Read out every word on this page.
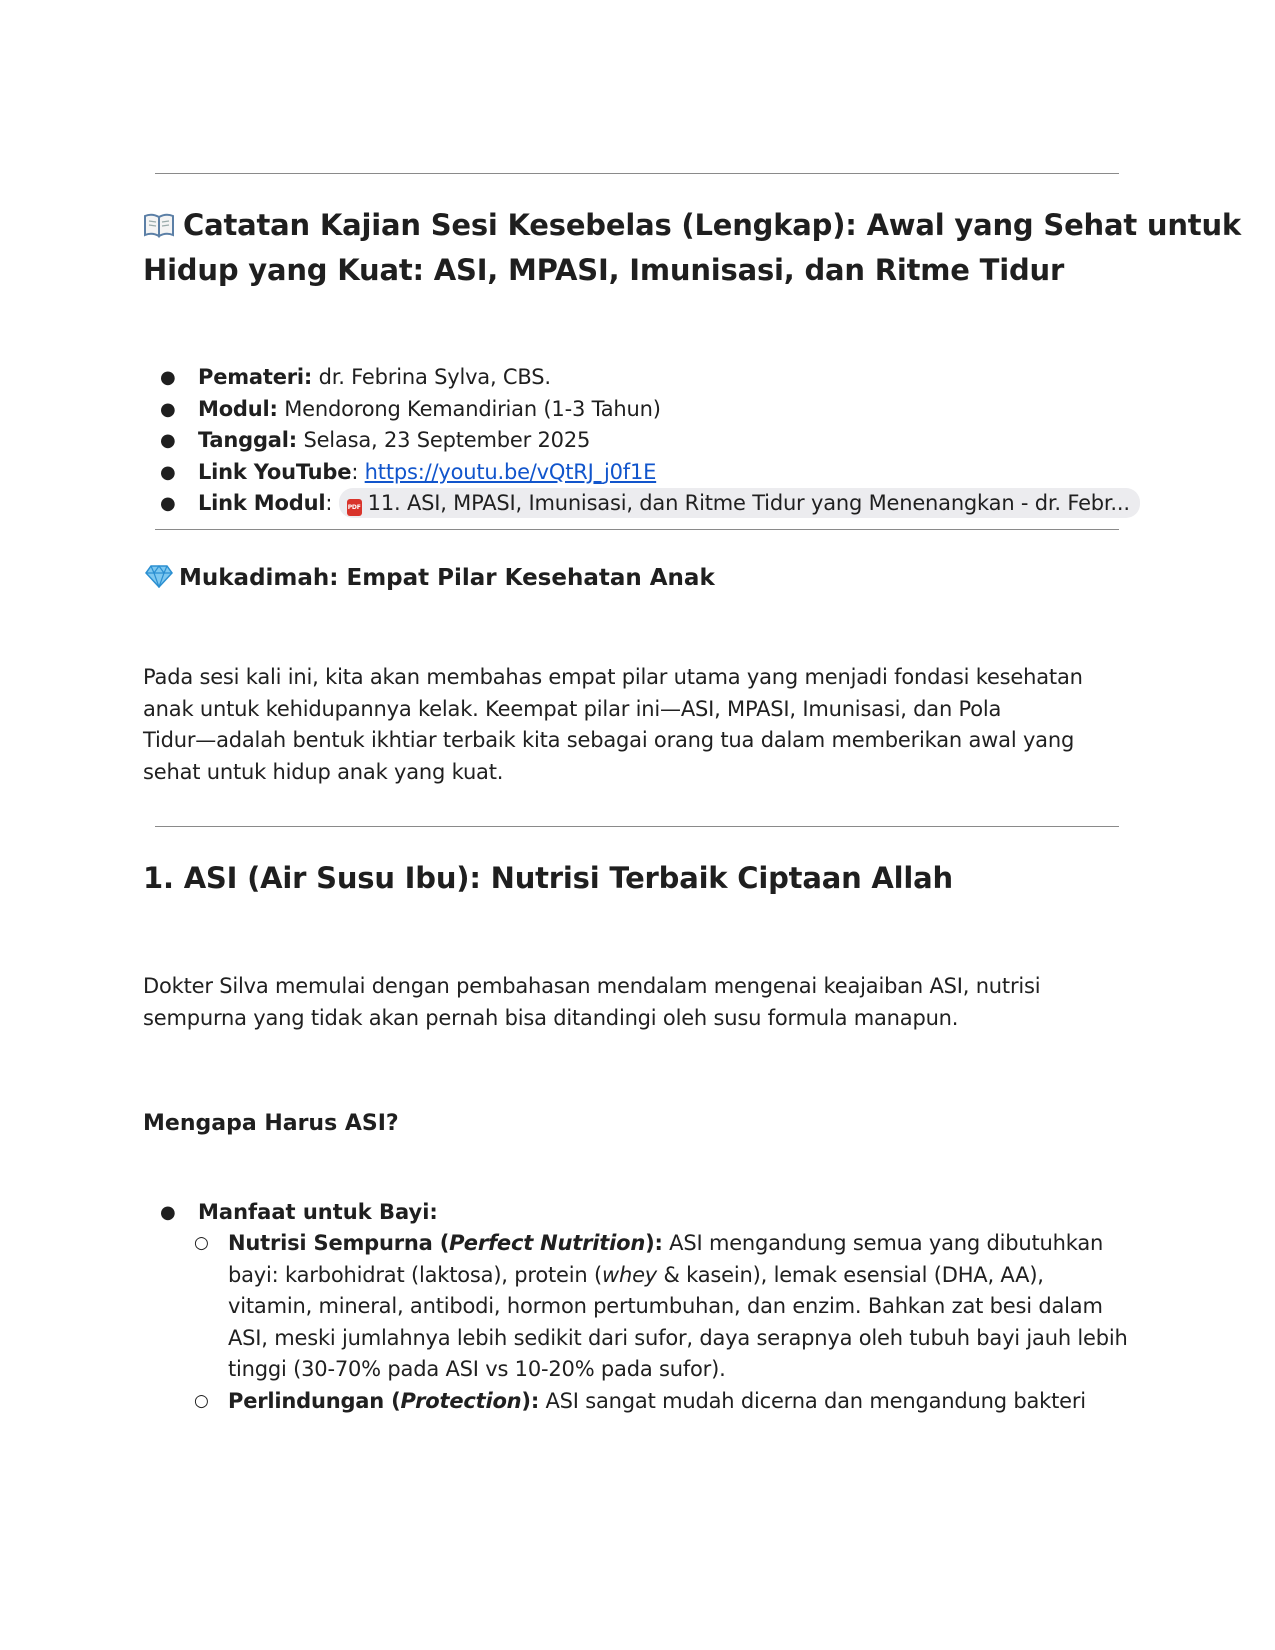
Catatan Kajian Sesi Kesebelas (Lengkap): Awal yang Sehat untuk
Hidup yang Kuat: ASI, MPASI, Imunisasi, dan Ritme Tidur
● Pemateri: dr. Febrina Sylva, CBS.
● Modul: Mendorong Kemandirian (1-3 Tahun)
● Tanggal: Selasa, 23 September 2025
● Link YouTube: https://youtu.be/vQtRJ_j0f1E
● Link Modul: PDF 11. ASI, MPASI, Imunisasi, dan Ritme Tidur yang Menenangkan - dr. Febr...
Mukadimah: Empat Pilar Kesehatan Anak
Pada sesi kali ini, kita akan membahas empat pilar utama yang menjadi fondasi kesehatan
anak untuk kehidupannya kelak. Keempat pilar ini—ASI, MPASI, Imunisasi, dan Pola
Tidur—adalah bentuk ikhtiar terbaik kita sebagai orang tua dalam memberikan awal yang
sehat untuk hidup anak yang kuat.
1. ASI (Air Susu Ibu): Nutrisi Terbaik Ciptaan Allah
Dokter Silva memulai dengan pembahasan mendalam mengenai keajaiban ASI, nutrisi
sempurna yang tidak akan pernah bisa ditandingi oleh susu formula manapun.
Mengapa Harus ASI?
● Manfaat untuk Bayi:
○ Nutrisi Sempurna (Perfect Nutrition): ASI mengandung semua yang dibutuhkan
bayi: karbohidrat (laktosa), protein (whey & kasein), lemak esensial (DHA, AA),
vitamin, mineral, antibodi, hormon pertumbuhan, dan enzim. Bahkan zat besi dalam
ASI, meski jumlahnya lebih sedikit dari sufor, daya serapnya oleh tubuh bayi jauh lebih
tinggi (30-70% pada ASI vs 10-20% pada sufor).
○ Perlindungan (Protection): ASI sangat mudah dicerna dan mengandung bakteri
